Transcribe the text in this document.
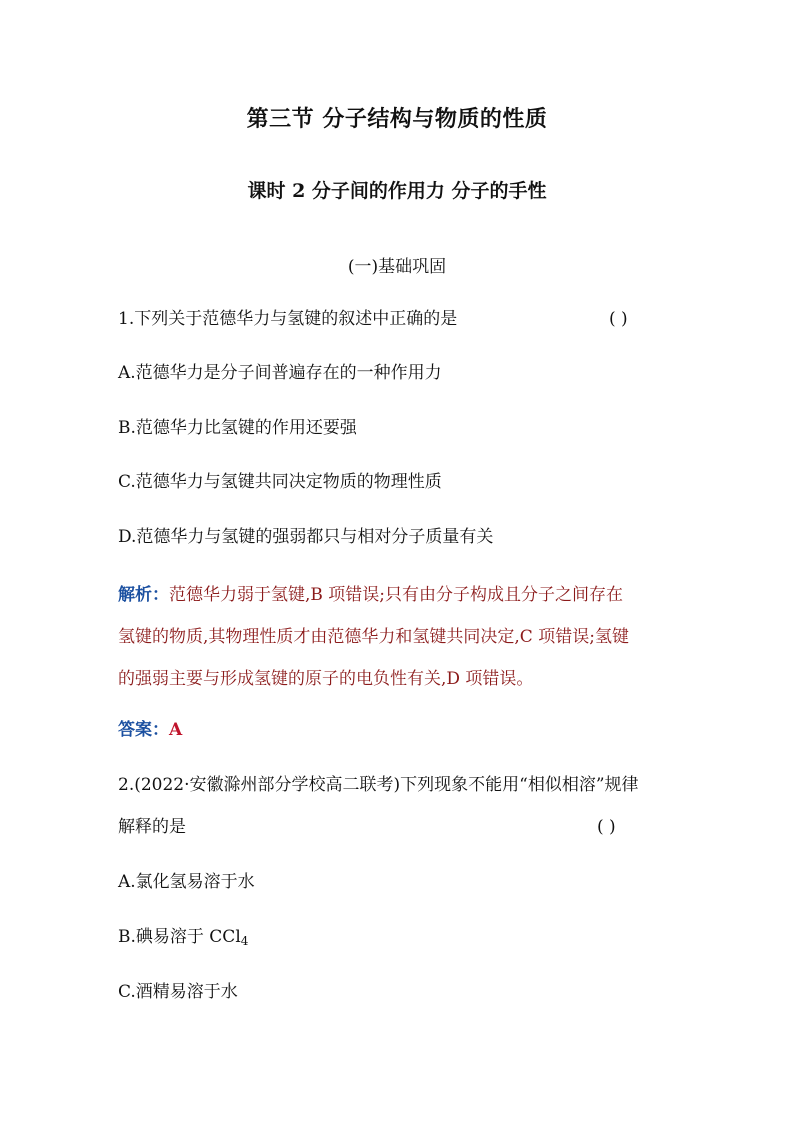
第三节 分子结构与物质的性质
课时 2 分子间的作用力 分子的手性
(一)基础巩固
1.下列关于范德华力与氢键的叙述中正确的是	( )
A.范德华力是分子间普遍存在的一种作用力
B.范德华力比氢键的作用还要强
C.范德华力与氢键共同决定物质的物理性质
D.范德华力与氢键的强弱都只与相对分子质量有关
解析：范德华力弱于氢键,B 项错误;只有由分子构成且分子之间存在
氢键的物质,其物理性质才由范德华力和氢键共同决定,C 项错误;氢键
的强弱主要与形成氢键的原子的电负性有关,D 项错误。
答案：A
2.(2022·安徽滁州部分学校高二联考)下列现象不能用“相似相溶”规律
解释的是	( )
A.氯化氢易溶于水
B.碘易溶于 CCl$_4$
C.酒精易溶于水
